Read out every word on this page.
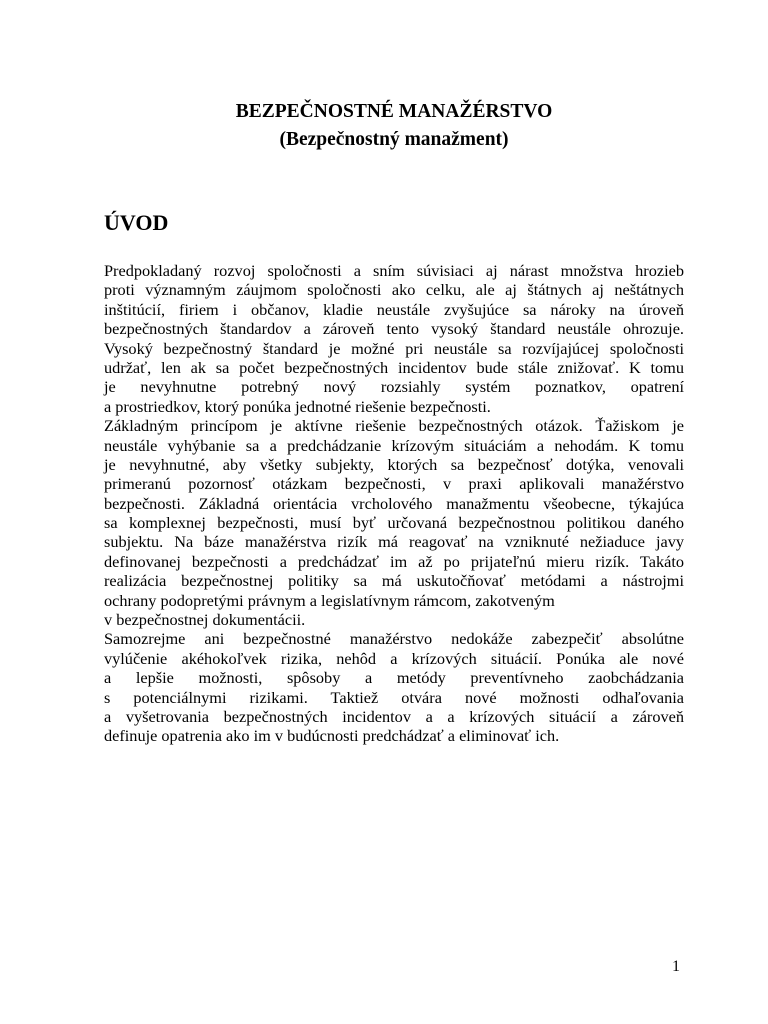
BEZPEČNOSTNÉ MANAŽÉRSTVO
(Bezpečnostný manažment)
ÚVOD
Predpokladaný rozvoj spoločnosti a sním súvisiaci aj nárast množstva hrozieb
proti významným záujmom spoločnosti ako celku, ale aj štátnych aj neštátnych
inštitúcií, firiem i občanov, kladie neustále zvyšujúce sa nároky na úroveň
bezpečnostných štandardov a zároveň tento vysoký štandard neustále ohrozuje.
Vysoký bezpečnostný štandard je možné pri neustále sa rozvíjajúcej spoločnosti
udržať, len ak sa počet bezpečnostných incidentov bude stále znižovať. K tomu
je nevyhnutne potrebný nový rozsiahly systém poznatkov, opatrení
a prostriedkov, ktorý ponúka jednotné riešenie bezpečnosti.
Základným princípom je aktívne riešenie bezpečnostných otázok. Ťažiskom je
neustále vyhýbanie sa a predchádzanie krízovým situáciám a nehodám. K tomu
je nevyhnutné, aby všetky subjekty, ktorých sa bezpečnosť dotýka, venovali
primeranú pozornosť otázkam bezpečnosti, v praxi aplikovali manažérstvo
bezpečnosti. Základná orientácia vrcholového manažmentu všeobecne, týkajúca
sa komplexnej bezpečnosti, musí byť určovaná bezpečnostnou politikou daného
subjektu. Na báze manažérstva rizík má reagovať na vzniknuté nežiaduce javy
definovanej bezpečnosti a predchádzať im až po prijateľnú mieru rizík. Takáto
realizácia bezpečnostnej politiky sa má uskutočňovať metódami a nástrojmi
ochrany podopretými právnym a legislatívnym rámcom, zakotveným
v bezpečnostnej dokumentácii.
Samozrejme ani bezpečnostné manažérstvo nedokáže zabezpečiť absolútne
vylúčenie akéhokoľvek rizika, nehôd a krízových situácií. Ponúka ale nové
a lepšie možnosti, spôsoby a metódy preventívneho zaobchádzania
s potenciálnymi rizikami. Taktiež otvára nové možnosti odhaľovania
a vyšetrovania bezpečnostných incidentov a a krízových situácií a zároveň
definuje opatrenia ako im v budúcnosti predchádzať a eliminovať ich.
1
